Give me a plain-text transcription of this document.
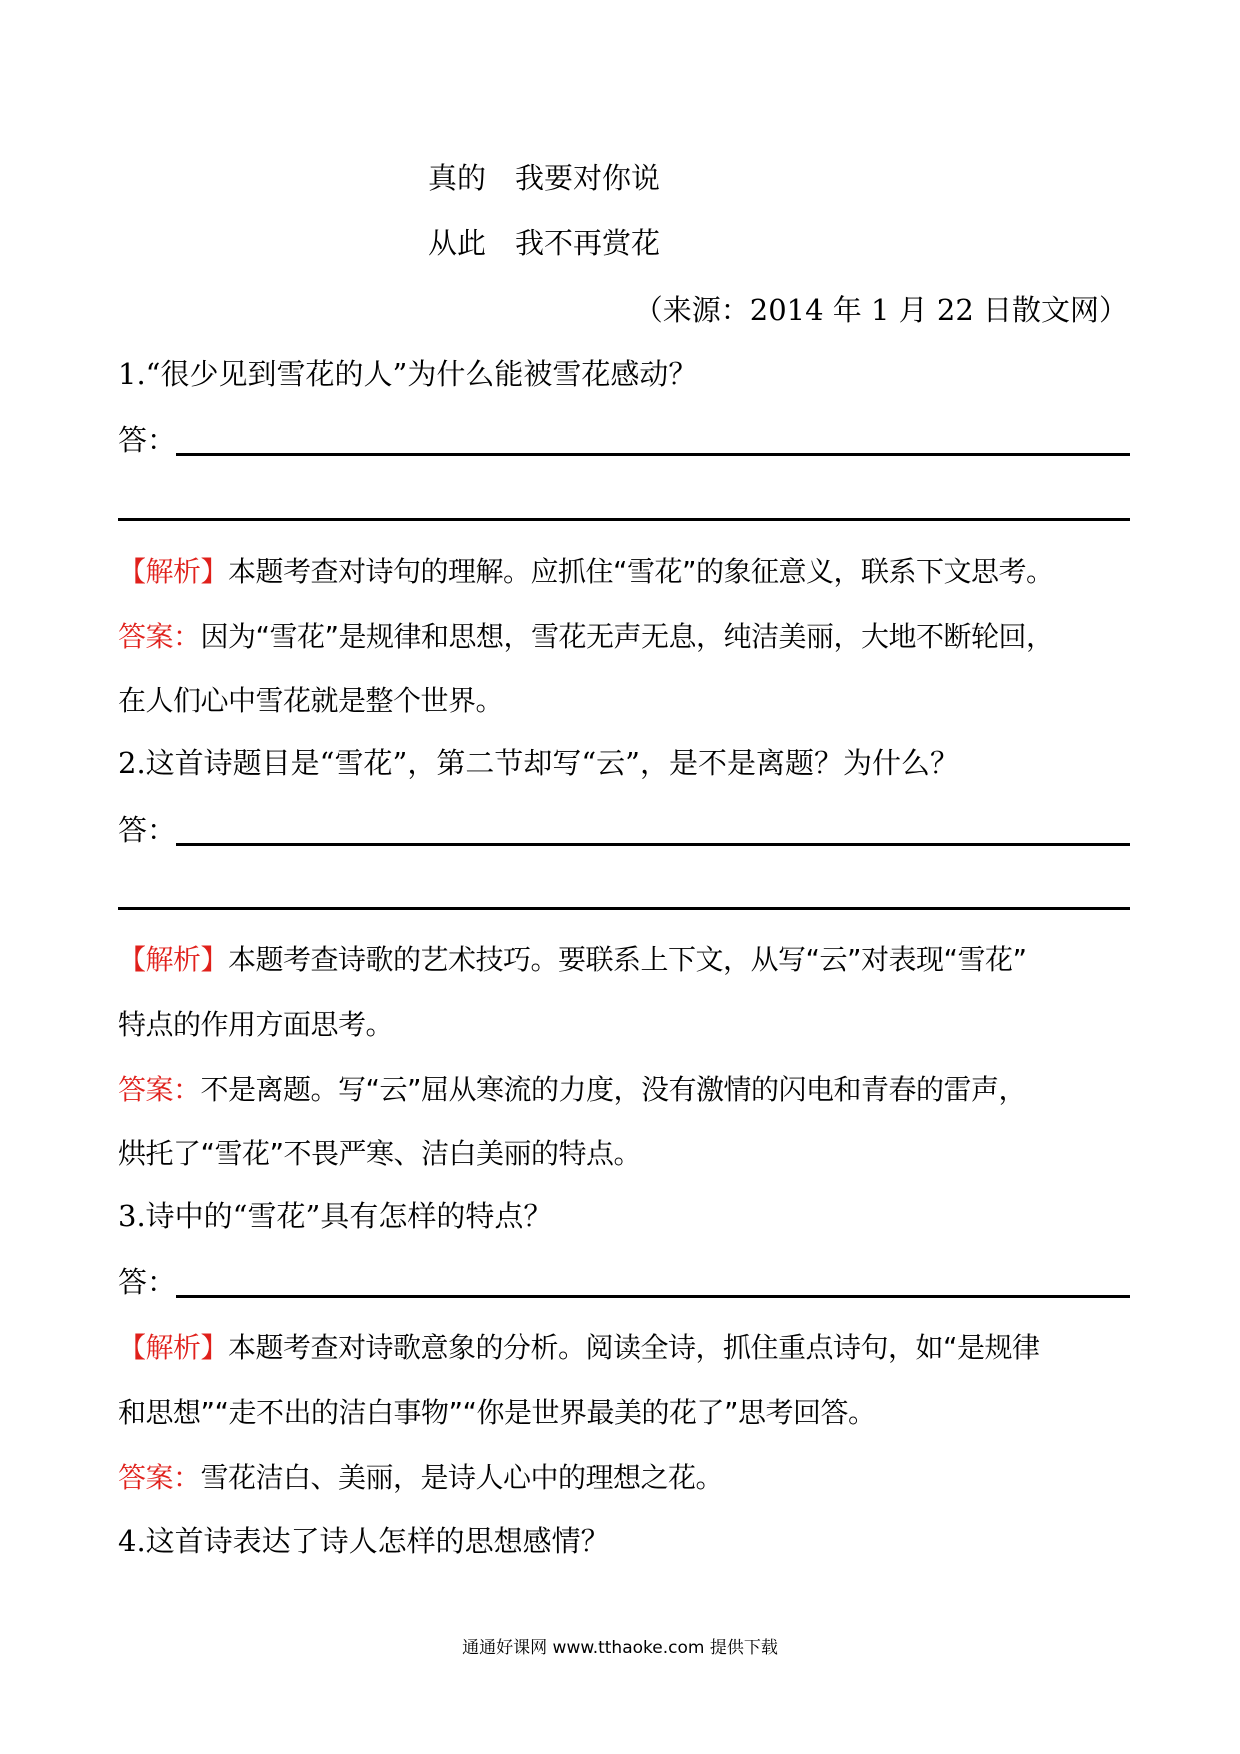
真的　我要对你说
从此　我不再赏花
（来源：2014 年 1 月 22 日散文网）
1.“很少见到雪花的人”为什么能被雪花感动？
答：
【解析】本题考查对诗句的理解。应抓住“雪花”的象征意义，联系下文思考。
答案：因为“雪花”是规律和思想，雪花无声无息，纯洁美丽，大地不断轮回，
在人们心中雪花就是整个世界。
2.这首诗题目是“雪花”，第二节却写“云”，是不是离题？为什么？
答：
【解析】本题考查诗歌的艺术技巧。要联系上下文，从写“云”对表现“雪花”
特点的作用方面思考。
答案：不是离题。写“云”屈从寒流的力度，没有激情的闪电和青春的雷声，
烘托了“雪花”不畏严寒、洁白美丽的特点。
3.诗中的“雪花”具有怎样的特点？
答：
【解析】本题考查对诗歌意象的分析。阅读全诗，抓住重点诗句，如“是规律
和思想”“走不出的洁白事物”“你是世界最美的花了”思考回答。
答案：雪花洁白、美丽，是诗人心中的理想之花。
4.这首诗表达了诗人怎样的思想感情？
通通好课网 www.tthaoke.com 提供下载
